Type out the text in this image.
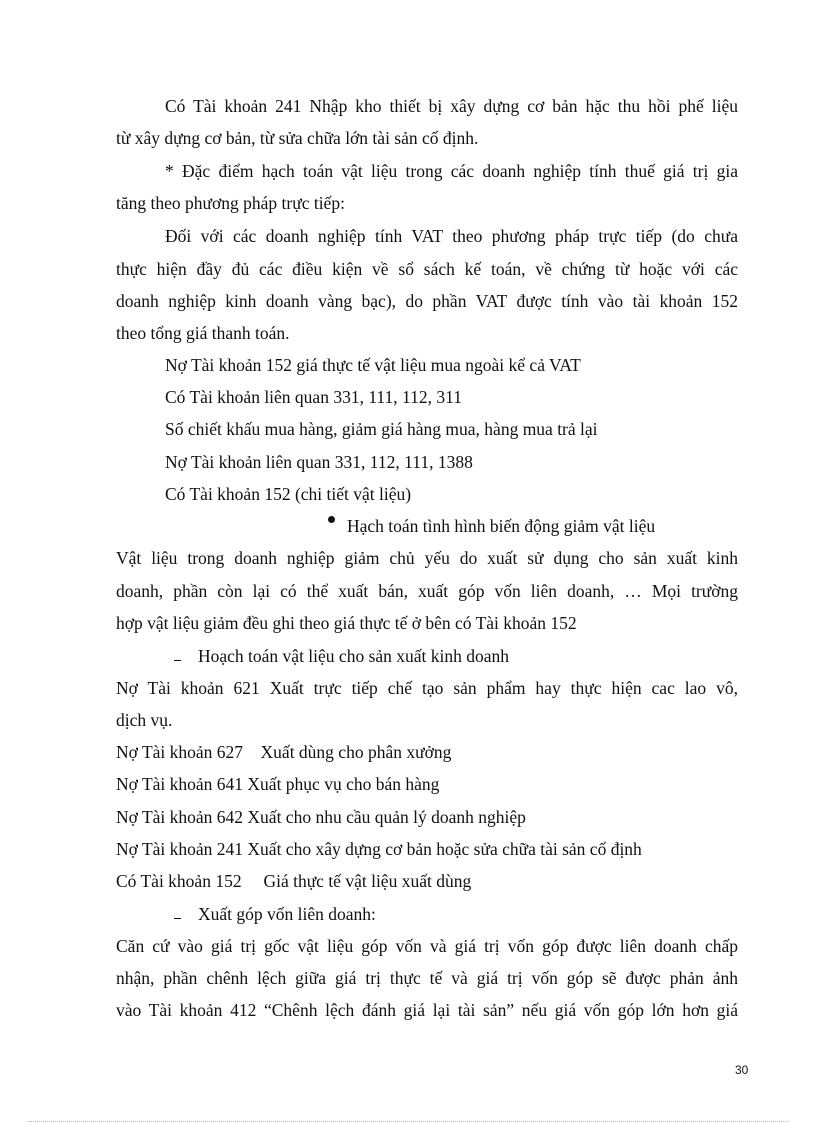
Có Tài khoản 241 Nhập kho thiết bị xây dựng cơ bản hặc thu hồi phế liệu
từ xây dựng cơ bản, từ sửa chữa lớn tài sản cố định.
* Đặc điểm hạch toán vật liệu trong các doanh nghiệp tính thuế giá trị gia
tăng theo phương pháp trực tiếp:
Đối với các doanh nghiệp tính VAT theo phương pháp trực tiếp (do chưa
thực hiện đầy đủ các điều kiện về sổ sách kế toán, về chứng từ hoặc với các
doanh nghiệp kinh doanh vàng bạc), do phần VAT được tính vào tài khoản 152
theo tổng giá thanh toán.
Nợ Tài khoản 152 giá thực tế vật liệu mua ngoài kể cả VAT
Có Tài khoản liên quan 331, 111, 112, 311
Số chiết khấu mua hàng, giảm giá hàng mua, hàng mua trả lại
Nợ Tài khoản liên quan 331, 112, 111, 1388
Có Tài khoản 152 (chi tiết vật liệu)
Hạch toán tình hình biến động giảm vật liệu
Vật liệu trong doanh nghiệp giảm chủ yếu do xuất sử dụng cho sản xuất kinh
doanh, phần còn lại có thể xuất bán, xuất góp vốn liên doanh, … Mọi trường
hợp vật liệu giảm đều ghi theo giá thực tế ở bên có Tài khoản 152
Hoạch toán vật liệu cho sản xuất kinh doanh
Nợ Tài khoản 621 Xuất trực tiếp chế tạo sản phẩm hay thực hiện cac lao vô,
dịch vụ.
Nợ Tài khoản 627    Xuất dùng cho phân xưởng
Nợ Tài khoản 641 Xuất phục vụ cho bán hàng
Nợ Tài khoản 642 Xuất cho nhu cầu quản lý doanh nghiệp
Nợ Tài khoản 241 Xuất cho xây dựng cơ bản hoặc sửa chữa tài sản cố định
Có Tài khoản 152     Giá thực tế vật liệu xuất dùng
Xuất góp vốn liên doanh:
Căn cứ vào giá trị gốc vật liệu góp vốn và giá trị vốn góp được liên doanh chấp
nhận, phần chênh lệch giữa giá trị thực tế và giá trị vốn góp sẽ được phản ảnh
vào Tài khoản 412 “Chênh lệch đánh giá lại tài sản” nếu giá vốn góp lớn hơn giá
30
